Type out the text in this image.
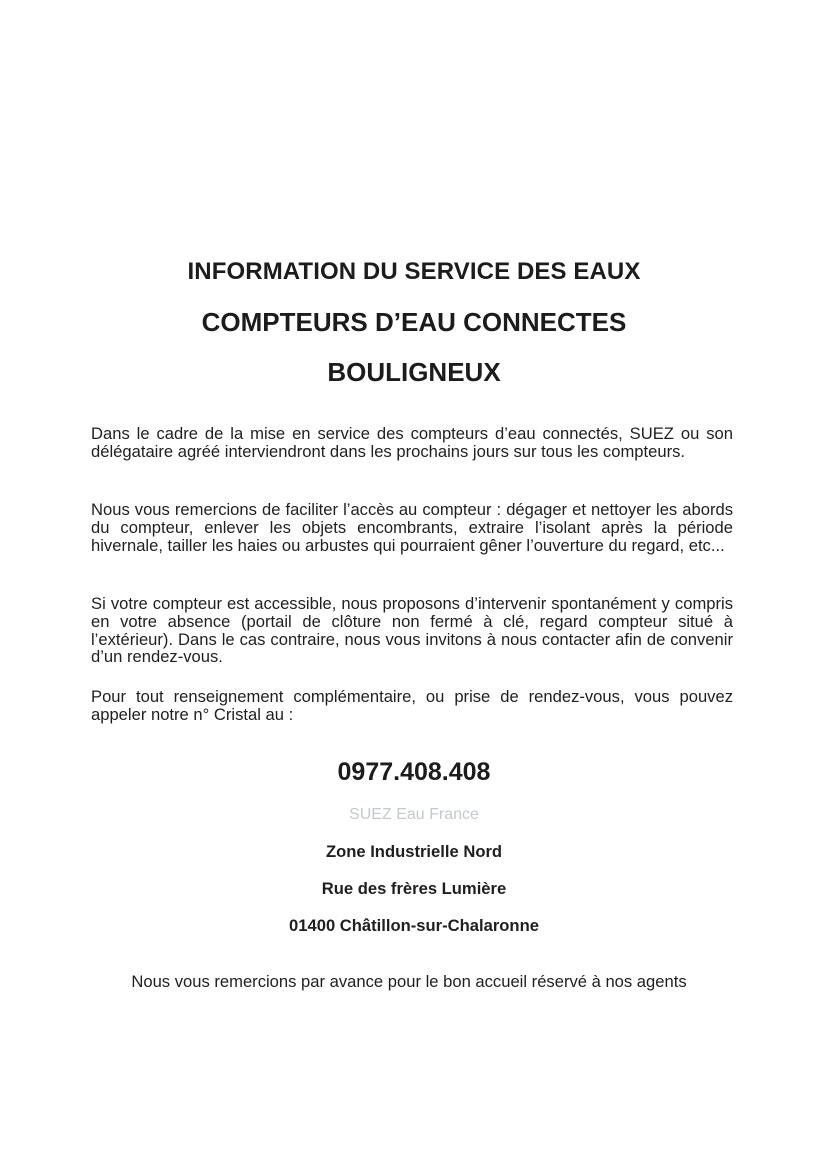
INFORMATION DU SERVICE DES EAUX
COMPTEURS D’EAU CONNECTES
BOULIGNEUX
Dans le cadre de la mise en service des compteurs d’eau connectés, SUEZ ou son délégataire agréé interviendront dans les prochains jours sur tous les compteurs.
Nous vous remercions de faciliter l’accès au compteur : dégager et nettoyer les abords du compteur, enlever les objets encombrants, extraire l’isolant après la période hivernale, tailler les haies ou arbustes qui pourraient gêner l’ouverture du regard, etc...
Si votre compteur est accessible, nous proposons d’intervenir spontanément y compris en votre absence (portail de clôture non fermé à clé, regard compteur situé à l’extérieur). Dans le cas contraire, nous vous invitons à nous contacter afin de convenir d’un rendez-vous.
Pour tout renseignement complémentaire, ou prise de rendez-vous, vous pouvez appeler notre n° Cristal au :
0977.408.408
SUEZ Eau France
Zone Industrielle Nord
Rue des frères Lumière
01400 Châtillon-sur-Chalaronne
Nous vous remercions par avance pour le bon accueil réservé à nos agents
